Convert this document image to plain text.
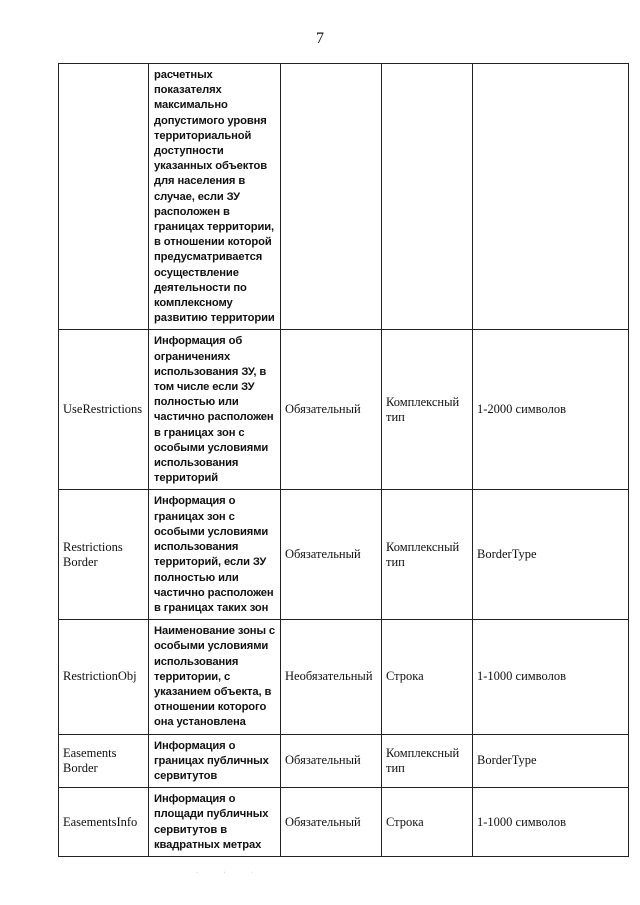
7
	расчетных показателях максимально допустимого уровня территориальной доступности указанных объектов для населения в случае, если ЗУ расположен в границах территории, в отношении которой предусматривается осуществление деятельности по комплексному развитию территории			
UseRestrictions	Информация об ограничениях использования ЗУ, в том числе если ЗУ полностью или частично расположен в границах зон с особыми условиями использования территорий	Обязательный	Комплексный тип	1-2000 символов
Restrictions Border	Информация о границах зон с особыми условиями использования территорий, если ЗУ полностью или частично расположен в границах таких зон	Обязательный	Комплексный тип	BorderType
RestrictionObj	Наименование зоны с особыми условиями использования территории, с указанием объекта, в отношении которого она установлена	Необязательный	Строка	1-1000 символов
Easements Border	Информация о границах публичных сервитутов	Обязательный	Комплексный тип	BorderType
EasementsInfo	Информация о площади публичных сервитутов в квадратных метрах	Обязательный	Строка	1-1000 символов
· · ·
